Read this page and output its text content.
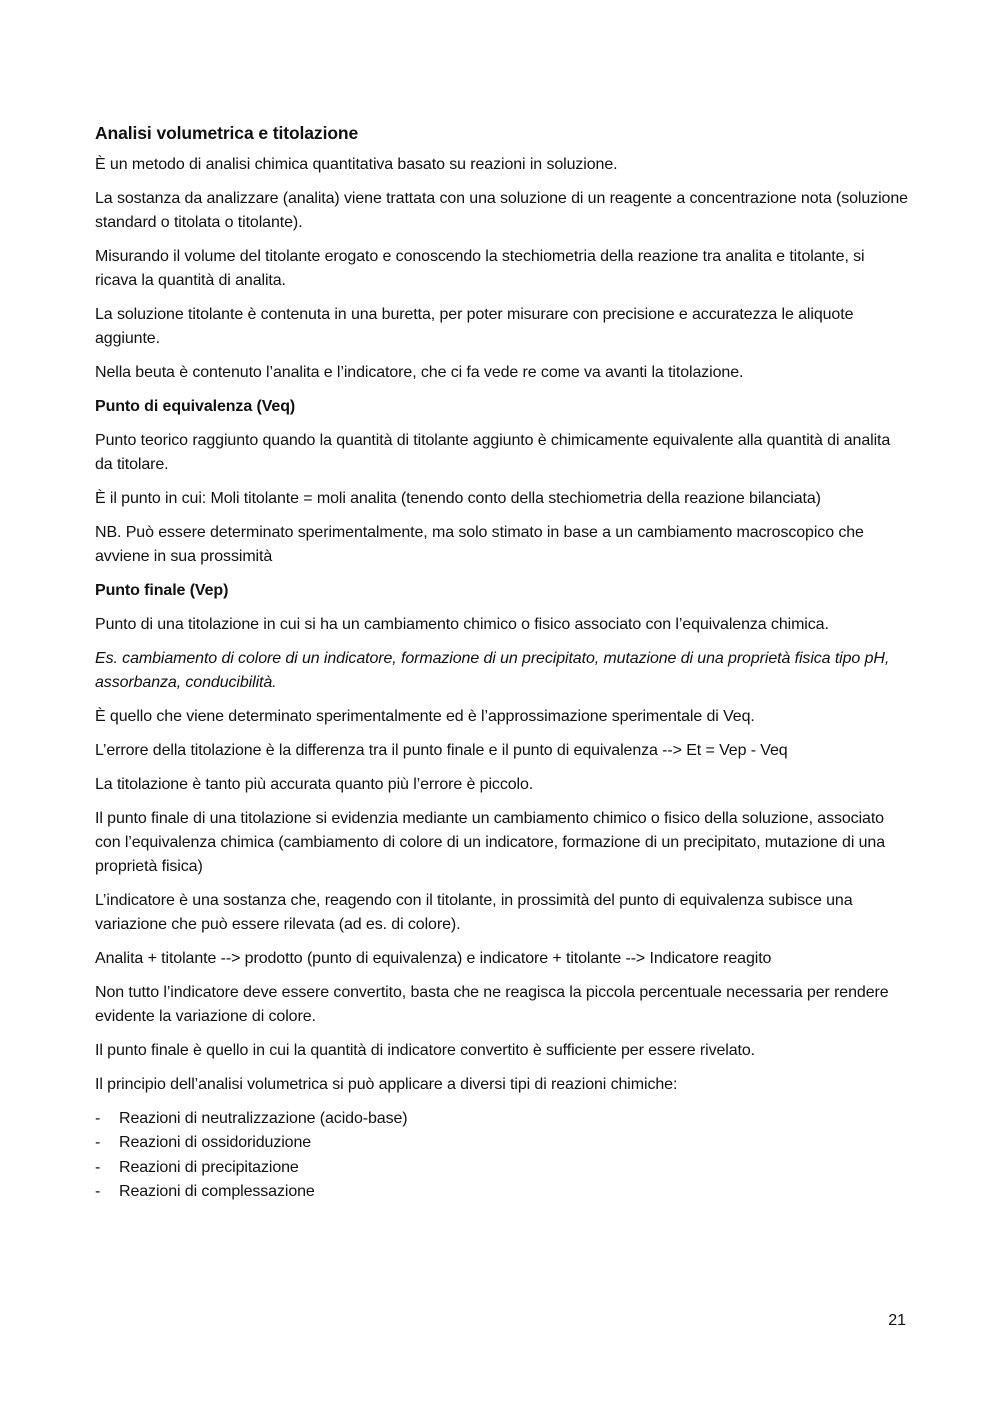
Analisi volumetrica e titolazione

È un metodo di analisi chimica quantitativa basato su reazioni in soluzione.

La sostanza da analizzare (analita) viene trattata con una soluzione di un reagente a concentrazione nota (soluzione standard o titolata o titolante).

Misurando il volume del titolante erogato e conoscendo la stechiometria della reazione tra analita e titolante, si ricava la quantità di analita.

La soluzione titolante è contenuta in una buretta, per poter misurare con precisione e accuratezza le aliquote aggiunte.

Nella beuta è contenuto l’analita e l’indicatore, che ci fa vede re come va avanti la titolazione.

Punto di equivalenza (Veq)

Punto teorico raggiunto quando la quantità di titolante aggiunto è chimicamente equivalente alla quantità di analita da titolare.

È il punto in cui: Moli titolante = moli analita (tenendo conto della stechiometria della reazione bilanciata)

NB. Può essere determinato sperimentalmente, ma solo stimato in base a un cambiamento macroscopico che avviene in sua prossimità

Punto finale (Vep)

Punto di una titolazione in cui si ha un cambiamento chimico o fisico associato con l’equivalenza chimica.

Es. cambiamento di colore di un indicatore, formazione di un precipitato, mutazione di una proprietà fisica tipo pH, assorbanza, conducibilità.

È quello che viene determinato sperimentalmente ed è l’approssimazione sperimentale di Veq.

L’errore della titolazione è la differenza tra il punto finale e il punto di equivalenza --> Et = Vep - Veq

La titolazione è tanto più accurata quanto più l’errore è piccolo.

Il punto finale di una titolazione si evidenzia mediante un cambiamento chimico o fisico della soluzione, associato con l’equivalenza chimica (cambiamento di colore di un indicatore, formazione di un precipitato, mutazione di una proprietà fisica)

L’indicatore è una sostanza che, reagendo con il titolante, in prossimità del punto di equivalenza subisce una variazione che può essere rilevata (ad es. di colore).

Analita + titolante --> prodotto (punto di equivalenza) e indicatore + titolante --> Indicatore reagito

Non tutto l’indicatore deve essere convertito, basta che ne reagisca la piccola percentuale necessaria per rendere evidente la variazione di colore.

Il punto finale è quello in cui la quantità di indicatore convertito è sufficiente per essere rivelato.

Il principio dell’analisi volumetrica si può applicare a diversi tipi di reazioni chimiche:

- Reazioni di neutralizzazione (acido-base)
- Reazioni di ossidoriduzione
- Reazioni di precipitazione
- Reazioni di complessazione
21
